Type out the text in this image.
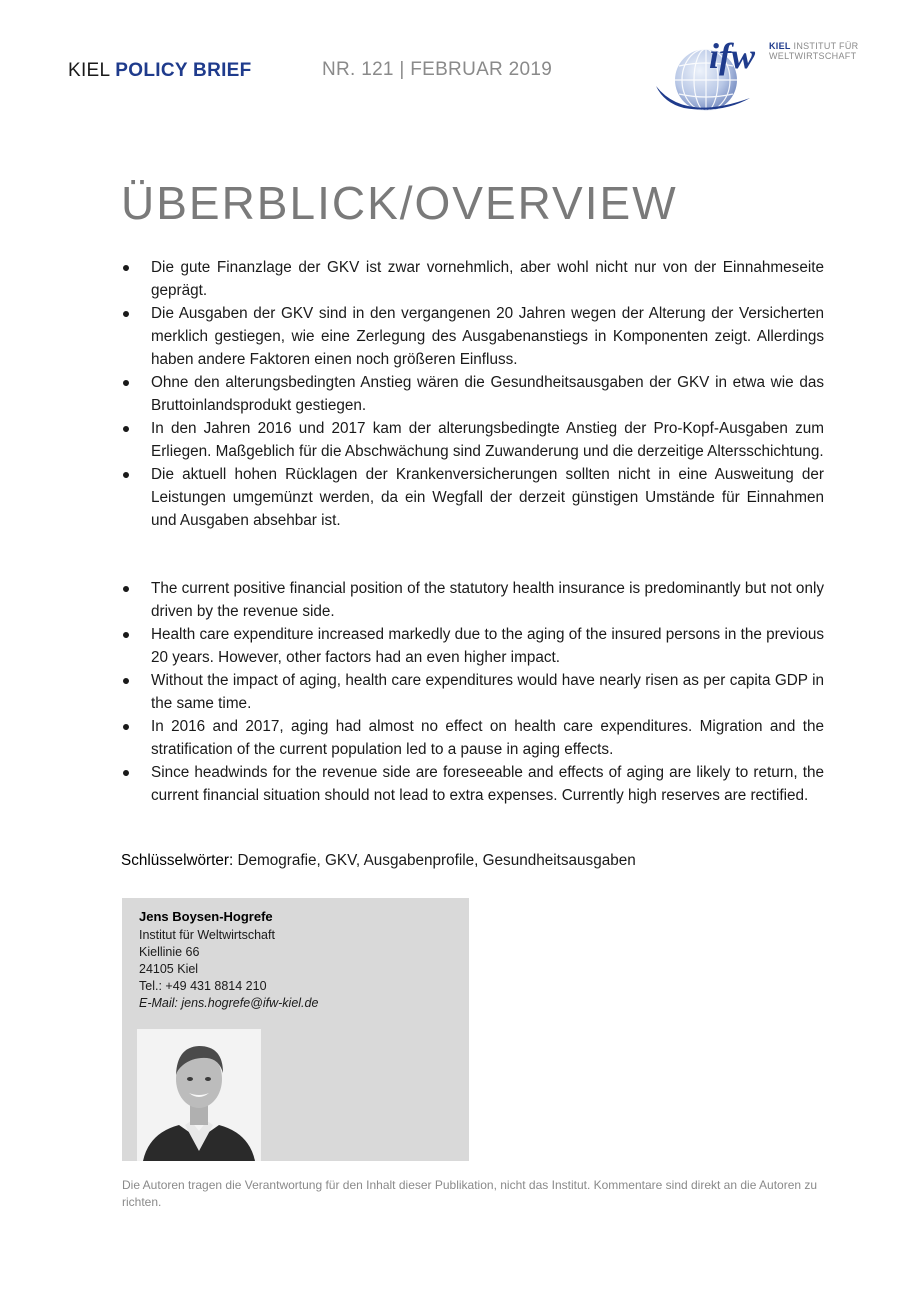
KIEL POLICY BRIEF	NR. 121 | FEBRUAR 2019	ifw KIEL INSTITUT FÜR
WELTWIRTSCHAFT
ÜBERBLICK/OVERVIEW
Die gute Finanzlage der GKV ist zwar vornehmlich, aber wohl nicht nur von der Einnahmeseite geprägt.
Die Ausgaben der GKV sind in den vergangenen 20 Jahren wegen der Alterung der Versicherten merklich gestiegen, wie eine Zerlegung des Ausgabenanstiegs in Komponenten zeigt. Allerdings haben andere Faktoren einen noch größeren Einfluss.
Ohne den alterungsbedingten Anstieg wären die Gesundheitsausgaben der GKV in etwa wie das Bruttoinlandsprodukt gestiegen.
In den Jahren 2016 und 2017 kam der alterungsbedingte Anstieg der Pro-Kopf-Ausgaben zum Erliegen. Maßgeblich für die Abschwächung sind Zuwanderung und die derzeitige Altersschichtung.
Die aktuell hohen Rücklagen der Krankenversicherungen sollten nicht in eine Ausweitung der Leistungen umgemünzt werden, da ein Wegfall der derzeit günstigen Umstände für Einnahmen und Ausgaben absehbar ist.
The current positive financial position of the statutory health insurance is predominantly but not only driven by the revenue side.
Health care expenditure increased markedly due to the aging of the insured persons in the previous 20 years. However, other factors had an even higher impact.
Without the impact of aging, health care expenditures would have nearly risen as per capita GDP in the same time.
In 2016 and 2017, aging had almost no effect on health care expenditures. Migration and the stratification of the current population led to a pause in aging effects.
Since headwinds for the revenue side are foreseeable and effects of aging are likely to return, the current financial situation should not lead to extra expenses. Currently high reserves are rectified.
Schlüsselwörter: Demografie, GKV, Ausgabenprofile, Gesundheitsausgaben
Jens Boysen-Hogrefe
Institut für Weltwirtschaft
Kiellinie 66
24105 Kiel
Tel.: +49 431 8814 210
E-Mail: jens.hogrefe@ifw-kiel.de
Die Autoren tragen die Verantwortung für den Inhalt dieser Publikation, nicht das Institut. Kommentare sind direkt an die Autoren zu richten.
